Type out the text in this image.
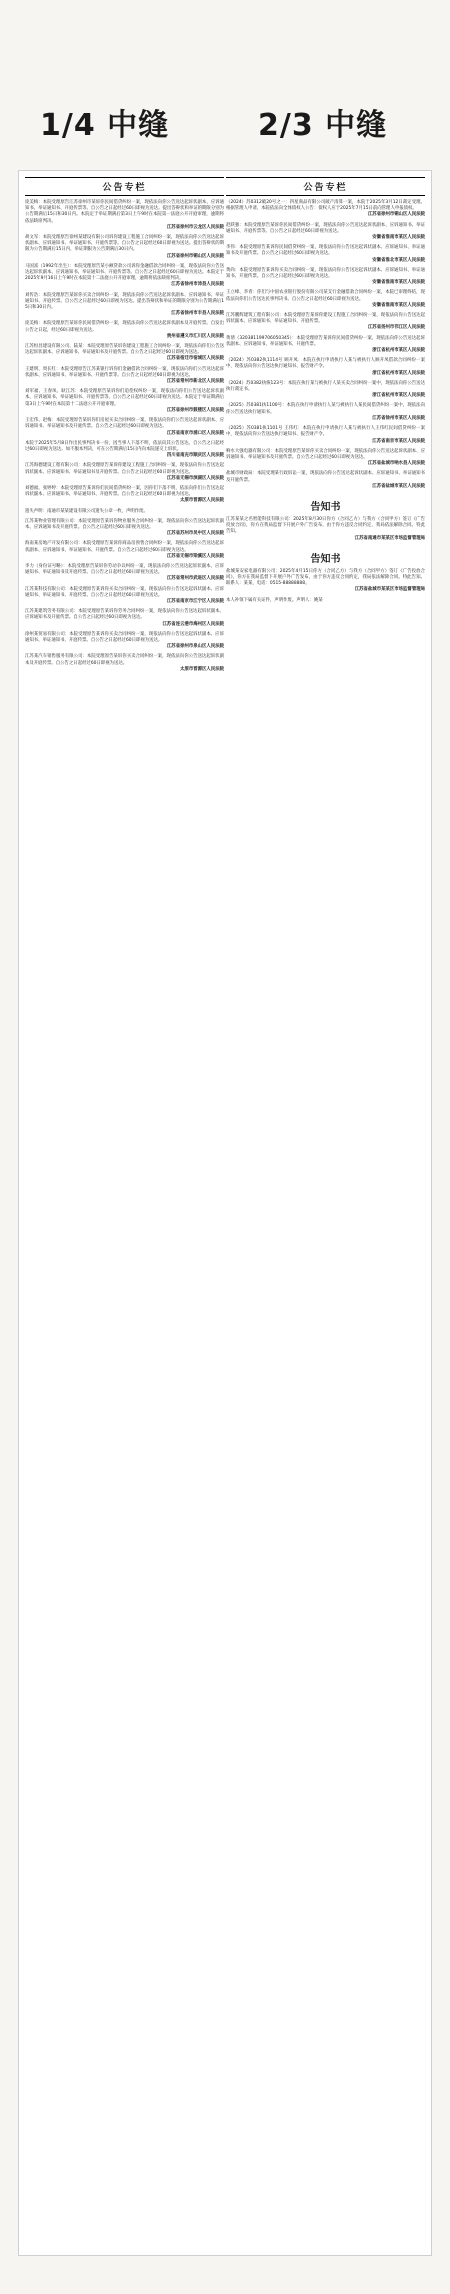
1/4 中缝	2/3 中缝
公告专栏
庞美梅：本院受理原告江苏徐州市某诉你民间借贷纠纷一案，现依法向你公告送达起诉状副本、应诉通知书、举证通知书、开庭传票等。自公告之日起经过60日即视为送达。提出答辩状和举证的期限分别为公告期满后15日和30日内。本院定于举证期满后第3日上午9时在本院第一法庭公开开庭审理，逾期将依法缺席判决。
江苏省徐州市云龙区人民法院
胡文军：本院受理原告徐州某建设有限公司诉你建设工程施工合同纠纷一案，现依法向你公告送达起诉状副本、应诉通知书、举证通知书、开庭传票等。自公告之日起经过60日即视为送达。提出答辩状的期限为公告期满后15日内，举证期限为公告期满后30日内。
江苏省徐州市铜山区人民法院
马国富（1992年出生）：本院受理原告某小额贷款公司诉你金融借款合同纠纷一案，现依法向你公告送达起诉状副本、应诉通知书、举证通知书、开庭传票等。自公告之日起经过60日即视为送达。本院定于2025年9月16日上午9时在本院第十二法庭公开开庭审理，逾期将依法缺席判决。
江苏省徐州市沛县人民法院
刘传浩：本院受理原告某诉你买卖合同纠纷一案，现依法向你公告送达起诉状副本、应诉通知书、举证通知书、开庭传票。自公告之日起经过60日即视为送达。提出答辩状和举证的期限分别为公告期满后15日和30日内。
江苏省徐州市丰县人民法院
庞美梅：本院受理原告某诉你民间借贷纠纷一案，现依法向你公告送达起诉状副本及开庭传票。自发出公告之日起，经过60日即视为送达。
贵州省遵义市汇川区人民法院
江苏恒昌建设有限公司、陆某：本院受理原告某诉你建设工程施工合同纠纷一案，现依法向你们公告送达起诉状副本、应诉通知书、举证通知书及开庭传票。自公告之日起经过60日即视为送达。
江苏省宿迁市宿城区人民法院
王建明、周长红：本院受理原告江苏某银行诉你们金融借款合同纠纷一案，现依法向你们公告送达起诉状副本、应诉通知书、举证通知书、开庭传票等。自公告之日起经过60日即视为送达。
江苏省常州市新北区人民法院
刘军福、王春凤、耿江苏：本院受理原告某诉你们追偿权纠纷一案，现依法向你们公告送达起诉状副本、应诉通知书、举证通知书、开庭传票等。自公告之日起经过60日即视为送达。本院定于举证期满后第3日上午9时在本院第十二法庭公开开庭审理。
江苏省徐州市鼓楼区人民法院
王宏伟、赵梅：本院受理原告某诉你们房屋买卖合同纠纷一案，现依法向你们公告送达起诉状副本、应诉通知书、举证通知书及开庭传票。自公告之日起经过60日即视为送达。
江苏省南京市浦口区人民法院
本院于2025年5月8日作出民事判决书一份，因当事人下落不明，依法向其公告送达。自公告之日起经过60日即视为送达。如不服本判决，可在公告期满后15日内向本院递交上诉状。
四川省南充市顺庆区人民法院
江苏海德建设工程有限公司：本院受理原告某诉你建设工程施工合同纠纷一案，现依法向你公告送达起诉状副本、应诉通知书、举证通知书及开庭传票。自公告之日起经过60日即视为送达。
江苏省无锡市滨湖区人民法院
刘德福、张婷婷：本院受理原告某诉你们民间借贷纠纷一案，因你们下落不明，依法向你们公告送达起诉状副本、应诉通知书、举证通知书、开庭传票。自公告之日起经过60日即视为送达。
太原市晋源区人民法院
遗失声明：南通市某某建设有限公司遗失公章一枚，声明作废。
江苏某物业管理有限公司：本院受理原告某诉你物业服务合同纠纷一案，现依法向你公告送达起诉状副本、应诉通知书及开庭传票。自公告之日起经过60日即视为送达。
江苏省苏州市吴中区人民法院
海南某房地产开发有限公司：本院受理原告某诉你商品房预售合同纠纷一案，现依法向你公告送达起诉状副本、应诉通知书、举证通知书、开庭传票。自公告之日起经过60日即视为送达。
江苏省无锡市梁溪区人民法院
李力（身份证号略）：本院受理原告某诉你劳动争议纠纷一案，现依法向你公告送达起诉状副本、应诉通知书、举证通知书及开庭传票。自公告之日起经过60日即视为送达。
江苏省常州市武进区人民法院
江苏某科技有限公司：本院受理原告某诉你买卖合同纠纷一案，现依法向你公告送达起诉状副本、应诉通知书、举证通知书、开庭传票。自公告之日起经过60日即视为送达。
江苏省南京市江宁区人民法院
江苏某建筑劳务有限公司：本院受理原告某诉你劳务合同纠纷一案，现依法向你公告送达起诉状副本、应诉通知书及开庭传票。自公告之日起经过60日即视为送达。
江苏省连云港市海州区人民法院
徐州某贸易有限公司：本院受理原告某诉你买卖合同纠纷一案，现依法向你公告送达起诉状副本、应诉通知书、举证通知书、开庭传票。自公告之日起经过60日即视为送达。
江苏省徐州市泉山区人民法院
江苏某汽车销售服务有限公司：本院受理原告某诉你买卖合同纠纷一案，现依法向你公告送达起诉状副本及开庭传票。自公告之日起经过60日即视为送达。
太原市晋源区人民法院
公告专栏
（2024）苏0312破20号之一：四星商品有限公司破产清算一案，本院于2025年3月12日裁定受理。根据管理人申请，本院依法向全体债权人公告：债权人应于2025年7月15日前向管理人申报债权。
江苏省徐州市铜山区人民法院
赵跃强：本院受理原告某诉你民间借贷纠纷一案，现依法向你公告送达起诉状副本、应诉通知书、举证通知书、开庭传票等。自公告之日起经过60日即视为送达。
安徽省淮南市某区人民法院
李伟：本院受理原告某诉你民间借贷纠纷一案，现依法向你公告送达起诉状副本、应诉通知书、举证通知书及开庭传票。自公告之日起经过60日即视为送达。
安徽省淮北市某区人民法院
黄尚：本院受理原告某诉你买卖合同纠纷一案，现依法向你公告送达起诉状副本、应诉通知书、举证通知书、开庭传票。自公告之日起经过60日即视为送达。
安徽省淮南市某区人民法院
王立峰、李青：你们与中国农业银行股份有限公司某支行金融借款合同纠纷一案，本院已审理终结，现依法向你们公告送达民事判决书。自公告之日起经过60日即视为送达。
安徽省淮南市某区人民法院
江苏鹏辉建筑工程有限公司：本院受理原告某诉你建设工程施工合同纠纷一案，现依法向你公告送达起诉状副本、应诉通知书、举证通知书、开庭传票。
江苏省扬州市邗江区人民法院
黄倩（320381199706050345）：本院受理原告某诉你民间借贷纠纷一案，现依法向你公告送达起诉状副本、应诉通知书、举证通知书、开庭传票。
浙江省杭州市某区人民法院
（2024）苏0382执1114号 顾开凤：本院在执行申请执行人某与被执行人顾开凤借款合同纠纷一案中，现依法向你公告送达执行通知书、报告财产令。
浙江省杭州市某区人民法院
（2024）苏0382执恢123号：本院在执行某与被执行人某买卖合同纠纷一案中，现依法向你公告送达执行裁定书。
浙江省杭州市某区人民法院
（2025）苏0381执1100号：本院在执行申请执行人某与被执行人某民间借贷纠纷一案中，现依法向你公告送达执行通知书。
江苏省徐州市某区人民法院
（2025）苏0381执1101号 王伟红：本院在执行申请执行人某与被执行人王伟红民间借贷纠纷一案中，现依法向你公告送达执行通知书、报告财产令。
江苏省南京市某区人民法院
响水大强电器有限公司：本院受理原告某诉你买卖合同纠纷一案，现依法向你公告送达起诉状副本、应诉通知书、举证通知书及开庭传票。自公告之日起经过60日即视为送达。
江苏省盐城市响水县人民法院
盐城市财政局：本院受理某行政诉讼一案，现依法向你公告送达起诉状副本、应诉通知书、举证通知书及开庭传票。
江苏省盐城市某区人民法院
告知书
江苏某某之名智能科技有限公司：2025年8月30日你方（合同乙方）与我方（合同甲方）签订《广告投放合同》，你方在我局监督下开展户外广告发布，由于你方违反合同约定，我局依法解除合同。特此告知。
江苏省南通市某某区市场监督管理局
告知书
盐城某安家电器有限公司：2025年4月15日你方（合同乙方）与我方（合同甲方）签订《广告投放合同》，你方在我局监督下开展户外广告发布，由于你方违反合同约定，我局依法解除合同。特此告知。联系人：某某，电话：0515-88888888。
江苏省盐城市某某区市场监督管理局
本人补领下属有关证件，声明作废。声明人：姚某
